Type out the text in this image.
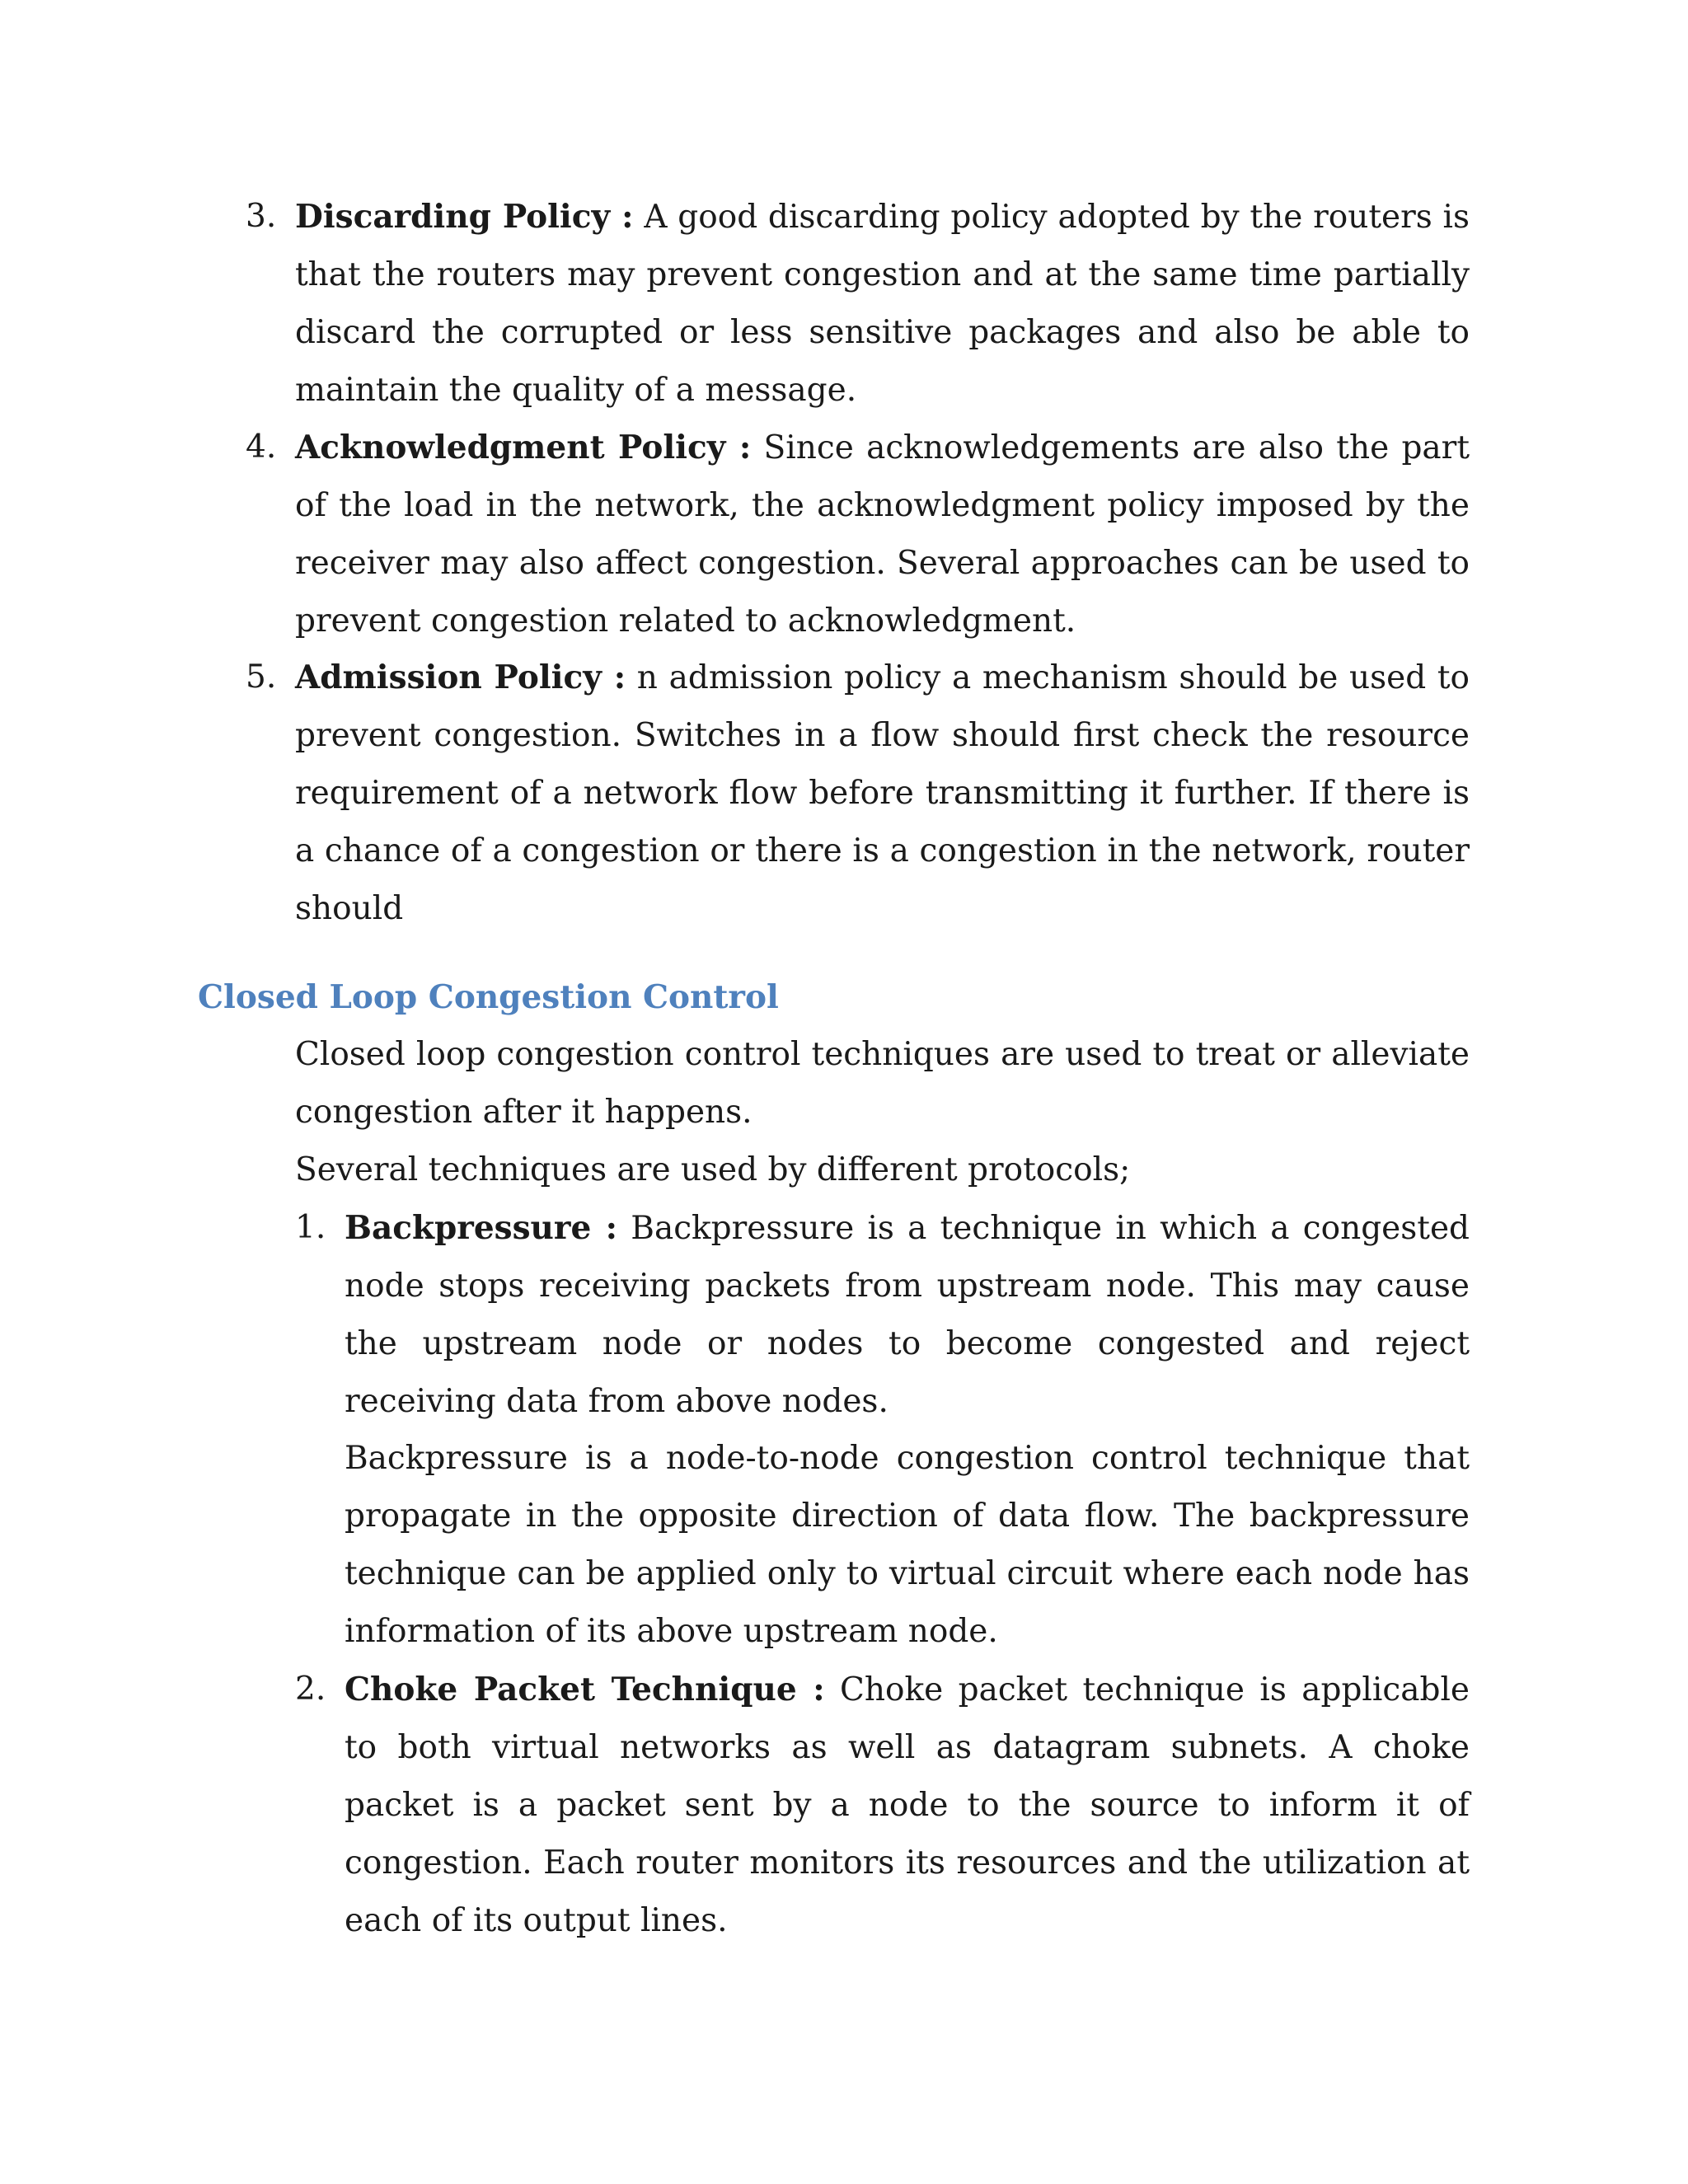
3. Discarding Policy : A good discarding policy adopted by the routers is that the routers may prevent congestion and at the same time partially discard the corrupted or less sensitive packages and also be able to maintain the quality of a message.
4. Acknowledgment Policy : Since acknowledgements are also the part of the load in the network, the acknowledgment policy imposed by the receiver may also affect congestion. Several approaches can be used to prevent congestion related to acknowledgment.
5. Admission Policy : n admission policy a mechanism should be used to prevent congestion. Switches in a flow should first check the resource requirement of a network flow before transmitting it further. If there is a chance of a congestion or there is a congestion in the network, router should
Closed Loop Congestion Control
Closed loop congestion control techniques are used to treat or alleviate congestion after it happens.
Several techniques are used by different protocols;
1. Backpressure : Backpressure is a technique in which a congested node stops receiving packets from upstream node. This may cause the upstream node or nodes to become congested and reject receiving data from above nodes.
Backpressure is a node-to-node congestion control technique that propagate in the opposite direction of data flow. The backpressure technique can be applied only to virtual circuit where each node has information of its above upstream node.
2. Choke Packet Technique : Choke packet technique is applicable to both virtual networks as well as datagram subnets. A choke packet is a packet sent by a node to the source to inform it of congestion. Each router monitors its resources and the utilization at each of its output lines.
